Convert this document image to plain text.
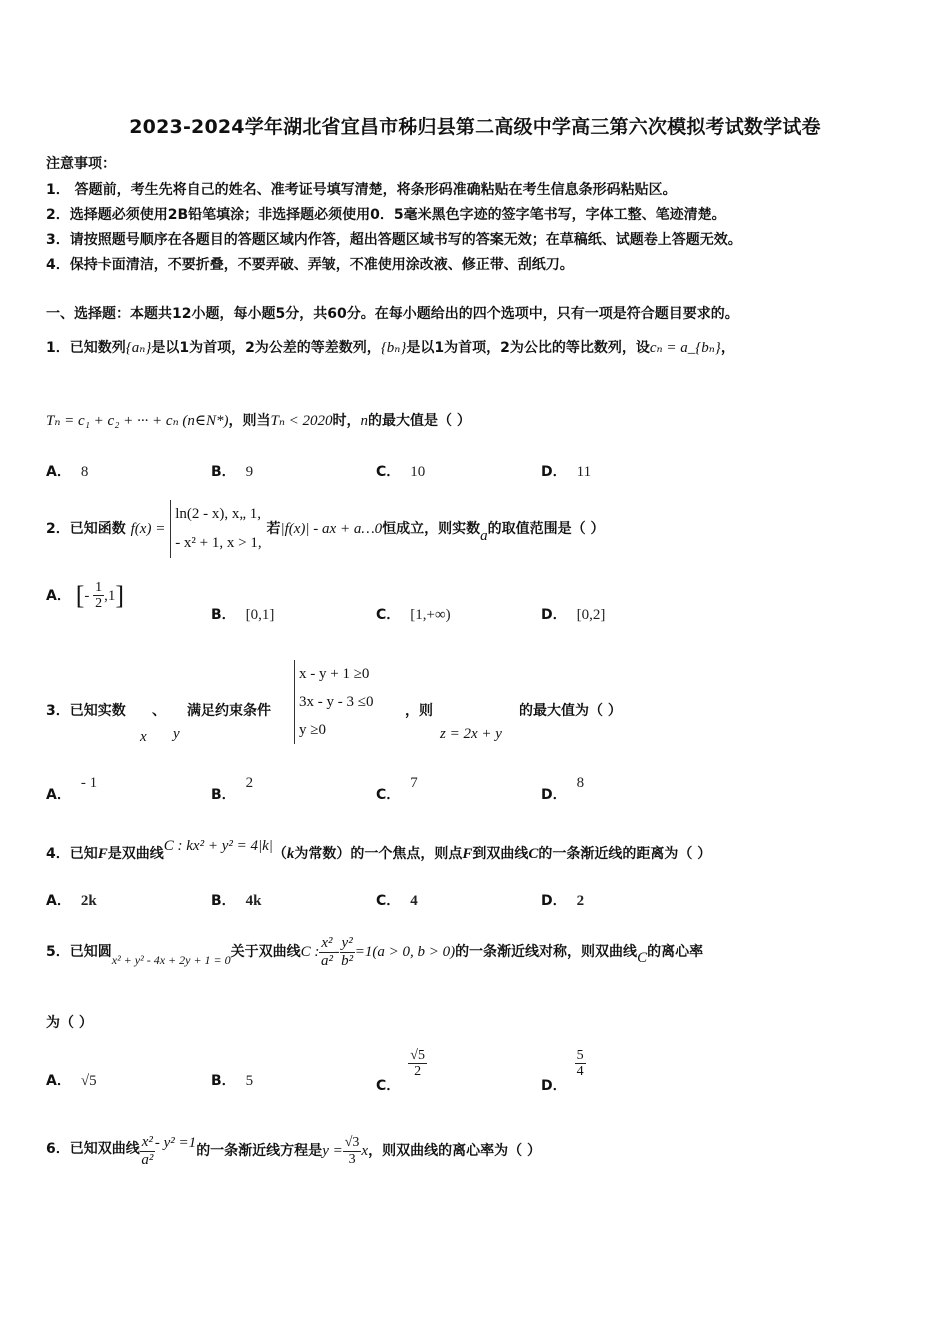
2023-2024学年湖北省宜昌市秭归县第二高级中学高三第六次模拟考试数学试卷
注意事项：
1． 答题前，考生先将自己的姓名、准考证号填写清楚，将条形码准确粘贴在考生信息条形码粘贴区。
2．选择题必须使用2B铅笔填涂；非选择题必须使用0．5毫米黑色字迹的签字笔书写，字体工整、笔迹清楚。
3．请按照题号顺序在各题目的答题区域内作答，超出答题区域书写的答案无效；在草稿纸、试题卷上答题无效。
4．保持卡面清洁，不要折叠，不要弄破、弄皱，不准使用涂改液、修正带、刮纸刀。
一、选择题：本题共12小题，每小题5分，共60分。在每小题给出的四个选项中，只有一项是符合题目要求的。
1．已知数列{aₙ}是以1为首项，2为公差的等差数列，{bₙ}是以1为首项，2为公比的等比数列，设cₙ = a_{bₙ}，
Tₙ = c₁ + c₂ + ··· + cₙ (n∈N*)，则当Tₙ < 2020时，n的最大值是（ ）
A． 8	B． 9	C． 10	D． 11
2．已知函数 f(x) =
ln(2 - x), x„ 1,
- x² + 1, x > 1,
若|f(x)| - ax + a…0恒成立，则实数a的取值范围是（ ）
A． [- $\frac{1}{2} ,1$]
B． [0,1]	C． [1,+∞)	D． [0,2]
3．已知实数 、 满足约束条件
x y
x - y + 1 ≥0
3x - y - 3 ≤0
y ≥0
，则
z = 2x + y
的最大值为（ ）
A．- 1
B．2
C．7
D．8
4．已知F是双曲线C : kx² + y² = 4|k|（k为常数）的一个焦点，则点F到双曲线C的一条渐近线的距离为（ ）
A． 2k	B． 4k	C． 4	D． 2
5．已知圆x² + y² - 4x + 2y + 1 = 0关于双曲线C : $\frac{\text{x²}}{\text{a²}} - \frac{\text{y²}}{\text{b²}} =1(a > 0$, b > 0)的一条渐近线对称，则双曲线C的离心率
为（ ）
A． √5	B． 5	C．
$\frac{√5}{2}$
D．
$\frac{5}{4}$
6．已知双曲线 $\frac{\text{x²}}{\text{a²}} - y^2 =1$的一条渐近线方程是$y = \frac{√3}{3}$ x，则双曲线的离心率为（ ）
